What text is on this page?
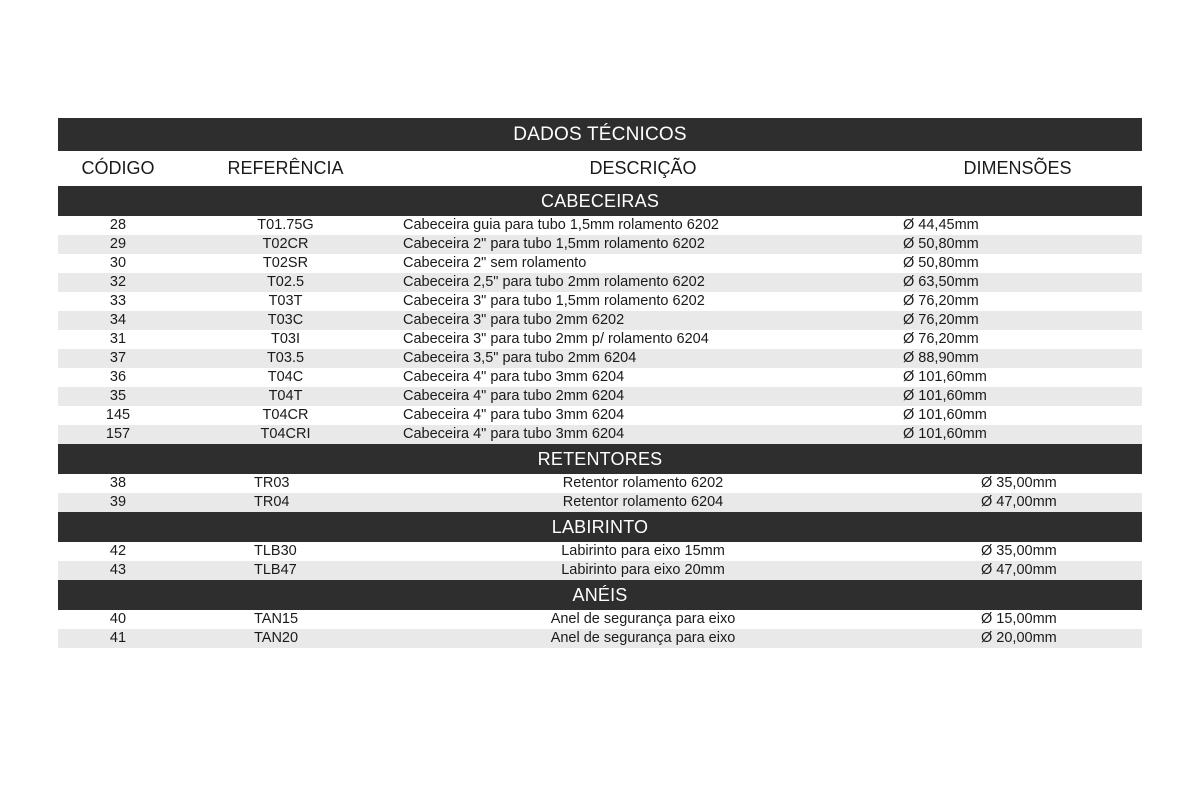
DADOS TÉCNICOS			
CÓDIGO	REFERÊNCIA	DESCRIÇÃO	DIMENSÕES
CABECEIRAS			
28	T01.75G	Cabeceira guia para tubo 1,5mm rolamento 6202	Ø 44,45mm
29	T02CR	Cabeceira 2" para tubo 1,5mm rolamento 6202	Ø 50,80mm
30	T02SR	Cabeceira 2" sem rolamento	Ø 50,80mm
32	T02.5	Cabeceira 2,5" para tubo 2mm rolamento 6202	Ø 63,50mm
33	T03T	Cabeceira 3" para tubo 1,5mm rolamento 6202	Ø 76,20mm
34	T03C	Cabeceira 3" para tubo 2mm 6202	Ø 76,20mm
31	T03I	Cabeceira 3" para tubo 2mm p/ rolamento 6204	Ø 76,20mm
37	T03.5	Cabeceira 3,5" para tubo 2mm 6204	Ø 88,90mm
36	T04C	Cabeceira 4" para tubo 3mm 6204	Ø 101,60mm
35	T04T	Cabeceira 4" para tubo 2mm 6204	Ø 101,60mm
145	T04CR	Cabeceira 4" para tubo 3mm 6204	Ø 101,60mm
157	T04CRI	Cabeceira 4" para tubo 3mm 6204	Ø 101,60mm
RETENTORES			
38	TR03	Retentor rolamento 6202	Ø 35,00mm
39	TR04	Retentor rolamento 6204	Ø 47,00mm
LABIRINTO			
42	TLB30	Labirinto para eixo 15mm	Ø 35,00mm
43	TLB47	Labirinto para eixo 20mm	Ø 47,00mm
ANÉIS			
40	TAN15	Anel de segurança para eixo	Ø 15,00mm
41	TAN20	Anel de segurança para eixo	Ø 20,00mm
